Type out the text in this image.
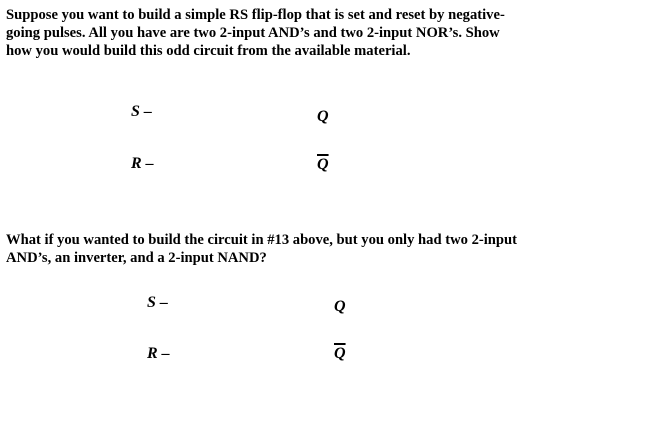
Suppose you want to build a simple RS flip-flop that is set and reset by negative-
going pulses. All you have are two 2-input AND’s and two 2-input NOR’s. Show
how you would build this odd circuit from the available material.
S –
R –
Q
$\overline{Q}$
What if you wanted to build the circuit in #13 above, but you only had two 2-input
AND’s, an inverter, and a 2-input NAND?
S –
R –
Q
$\overline{Q}$
